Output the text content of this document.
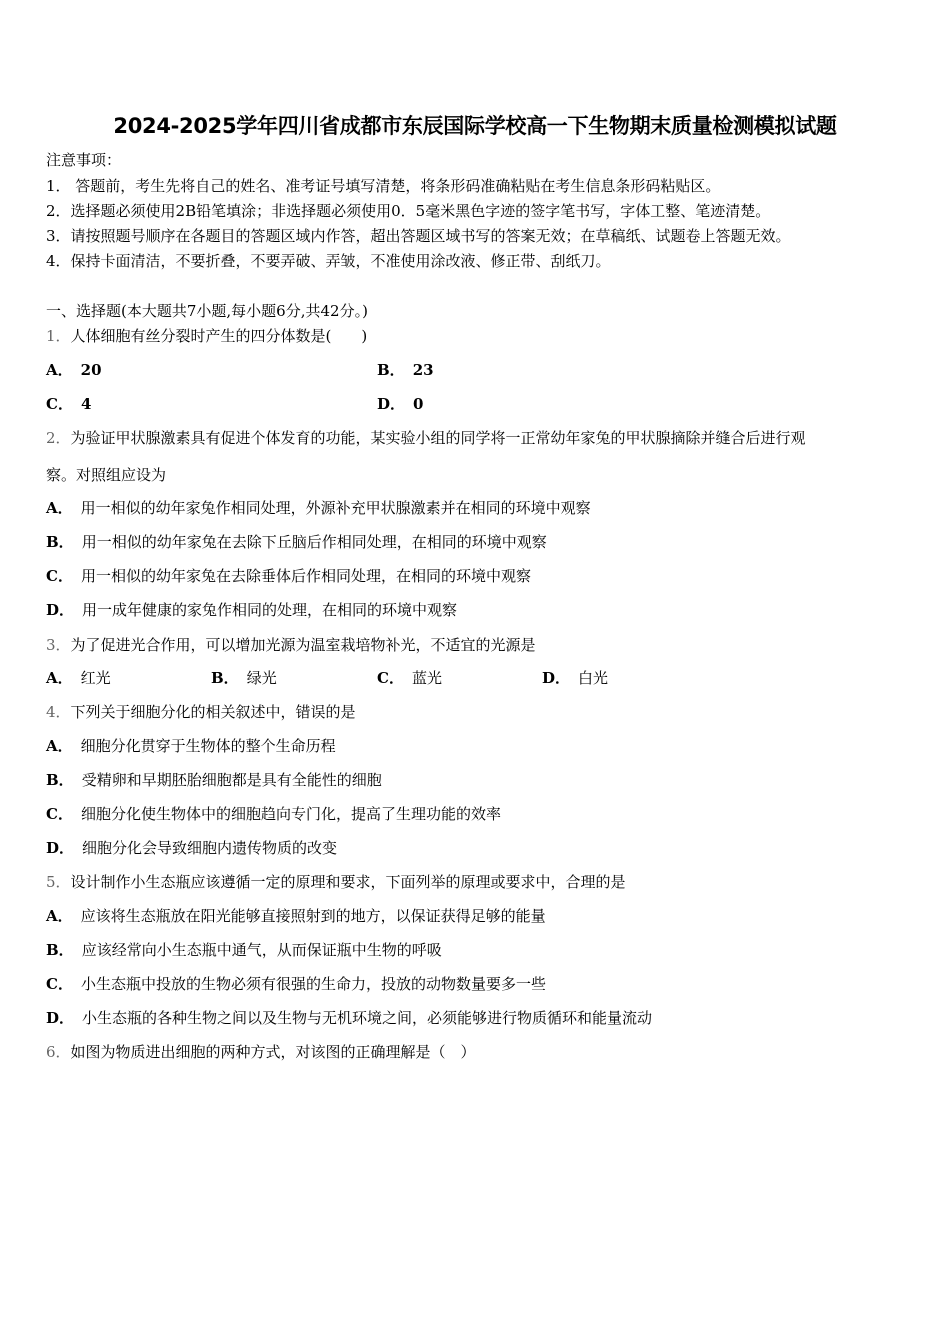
2024-2025学年四川省成都市东辰国际学校高一下生物期末质量检测模拟试题
注意事项：
1． 答题前，考生先将自己的姓名、准考证号填写清楚，将条形码准确粘贴在考生信息条形码粘贴区。
2．选择题必须使用2B铅笔填涂；非选择题必须使用0．5毫米黑色字迹的签字笔书写，字体工整、笔迹清楚。
3．请按照题号顺序在各题目的答题区域内作答，超出答题区域书写的答案无效；在草稿纸、试题卷上答题无效。
4．保持卡面清洁，不要折叠，不要弄破、弄皱，不准使用涂改液、修正带、刮纸刀。
一、选择题(本大题共7小题,每小题6分,共42分。)
1．人体细胞有丝分裂时产生的四分体数是(　　)
A． 20	B． 23
C． 4	D． 0
2．为验证甲状腺激素具有促进个体发育的功能，某实验小组的同学将一正常幼年家兔的甲状腺摘除并缝合后进行观
察。对照组应设为
A． 用一相似的幼年家兔作相同处理，外源补充甲状腺激素并在相同的环境中观察
B． 用一相似的幼年家兔在去除下丘脑后作相同处理，在相同的环境中观察
C． 用一相似的幼年家兔在去除垂体后作相同处理，在相同的环境中观察
D． 用一成年健康的家兔作相同的处理，在相同的环境中观察
3．为了促进光合作用，可以增加光源为温室栽培物补光，不适宜的光源是
A． 红光	B． 绿光	C． 蓝光	D． 白光
4．下列关于细胞分化的相关叙述中，错误的是
A． 细胞分化贯穿于生物体的整个生命历程
B． 受精卵和早期胚胎细胞都是具有全能性的细胞
C． 细胞分化使生物体中的细胞趋向专门化，提高了生理功能的效率
D． 细胞分化会导致细胞内遗传物质的改变
5．设计制作小生态瓶应该遵循一定的原理和要求，下面列举的原理或要求中，合理的是
A． 应该将生态瓶放在阳光能够直接照射到的地方，以保证获得足够的能量
B． 应该经常向小生态瓶中通气，从而保证瓶中生物的呼吸
C． 小生态瓶中投放的生物必须有很强的生命力，投放的动物数量要多一些
D． 小生态瓶的各种生物之间以及生物与无机环境之间，必须能够进行物质循环和能量流动
6．如图为物质进出细胞的两种方式，对该图的正确理解是（　）
